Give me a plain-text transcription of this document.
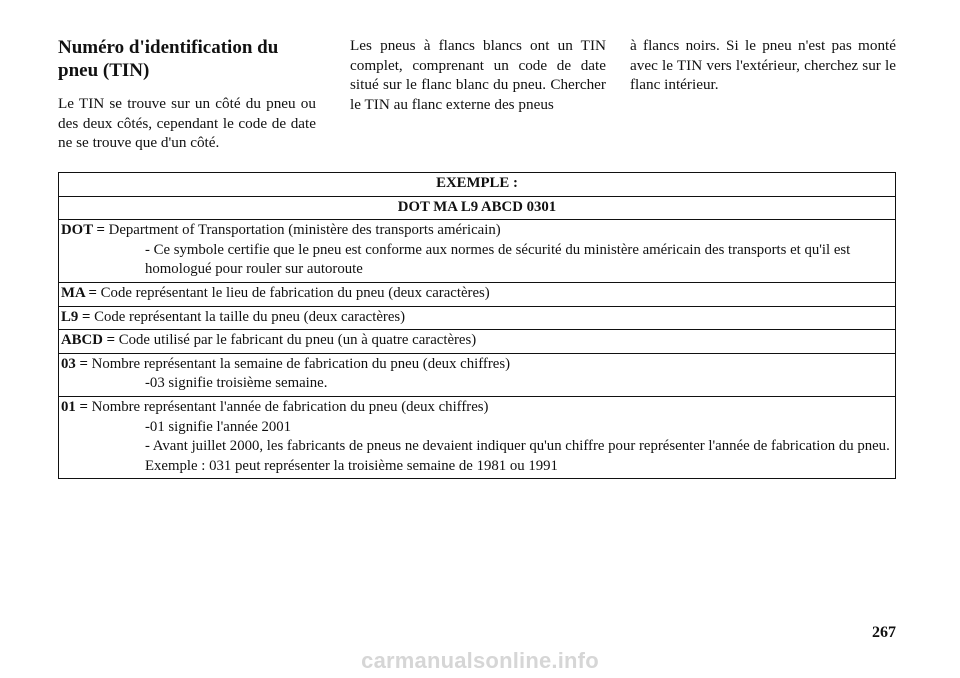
Numéro d'identification du pneu (TIN)

Le TIN se trouve sur un côté du pneu ou des deux côtés, cependant le code de date ne se trouve que d'un côté.

Les pneus à flancs blancs ont un TIN complet, comprenant un code de date situé sur le flanc blanc du pneu. Chercher le TIN au flanc externe des pneus

à flancs noirs. Si le pneu n'est pas monté avec le TIN vers l'extérieur, cherchez sur le flanc intérieur.

EXEMPLE :
DOT MA L9 ABCD 0301
DOT = Department of Transportation (ministère des transports américain)
- Ce symbole certifie que le pneu est conforme aux normes de sécurité du ministère américain des transports et qu'il est homologué pour rouler sur autoroute

MA = Code représentant le lieu de fabrication du pneu (deux caractères)
L9 = Code représentant la taille du pneu (deux caractères)
ABCD = Code utilisé par le fabricant du pneu (un à quatre caractères)
03 = Nombre représentant la semaine de fabrication du pneu (deux chiffres)
-03 signifie troisième semaine.

01 = Nombre représentant l'année de fabrication du pneu (deux chiffres)
-01 signifie l'année 2001
- Avant juillet 2000, les fabricants de pneus ne devaient indiquer qu'un chiffre pour représenter l'année de fabrication du pneu. Exemple : 031 peut représenter la troisième semaine de 1981 ou 1991
267
carmanualsonline.info
